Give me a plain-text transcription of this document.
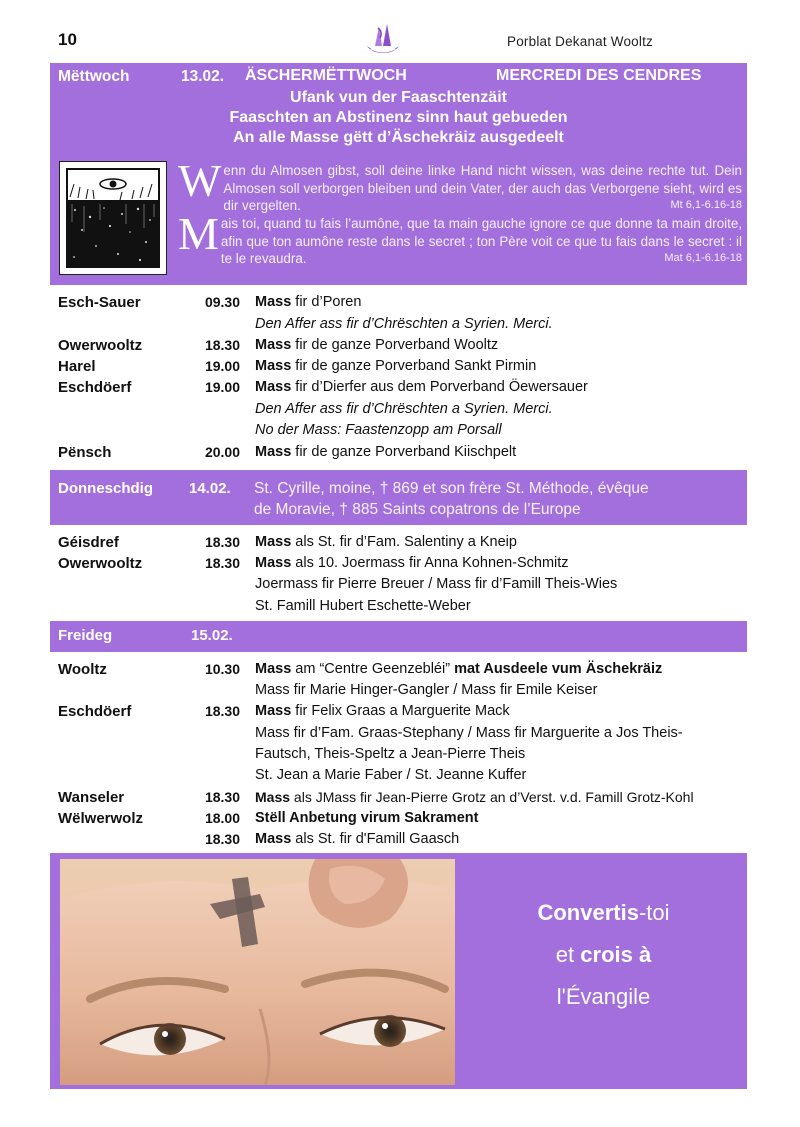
10	Porblat Dekanat Wooltz
Mëttwoch	13.02. ÄSCHERMËTTWOCH	MERCREDI DES CENDRES
Ufank vun der Faaschtenzäit
Faaschten an Abstinenz sinn haut gebueden
An alle Masse gëtt d’Äschekräiz ausgedeelt
Wenn du Almosen gibst, soll deine linke Hand nicht wissen, was deine rechte tut. Dein Almosen soll verborgen bleiben und dein Vater, der auch das Verborgene sieht, wird es dir vergelten.	Mt 6,1-6.16-18
Mais toi, quand tu fais l’aumône, que ta main gauche ignore ce que donne ta main droite, afin que ton aumône reste dans le secret ; ton Père voit ce que tu fais dans le secret : il te le revaudra.	Mat 6,1-6.16-18
Esch-Sauer	09.30 Mass fir d’Poren
Den Affer ass fir d’Chrëschten a Syrien. Merci.
Owerwooltz	18.30 Mass fir de ganze Porverband Wooltz
Harel	19.00 Mass fir de ganze Porverband Sankt Pirmin
Eschdöerf	19.00 Mass fir d’Dierfer aus dem Porverband Öewersauer
Den Affer ass fir d’Chrëschten a Syrien. Merci.
No der Mass: Faastenzopp am Porsall
Pënsch	20.00 Mass fir de ganze Porverband Kiischpelt
Donneschdig 14.02. St. Cyrille, moine, † 869 et son frère St. Méthode, évêque
de Moravie, † 885 Saints copatrons de l’Europe
Géisdref	18.30 Mass als St. fir d’Fam. Salentiny a Kneip
Owerwooltz	18.30 Mass als 10. Joermass fir Anna Kohnen-Schmitz
Joermass fir Pierre Breuer / Mass fir d’Famill Theis-Wies
St. Famill Hubert Eschette-Weber
Freideg	15.02.
Wooltz	10.30 Mass am “Centre Geenzebléi” mat Ausdeele vum Äschekräiz
Mass fir Marie Hinger-Gangler / Mass fir Emile Keiser
Eschdöerf	18.30 Mass fir Felix Graas a Marguerite Mack
Mass fir d’Fam. Graas-Stephany / Mass fir Marguerite a Jos Theis-
Fautsch, Theis-Speltz a Jean-Pierre Theis
St. Jean a Marie Faber / St. Jeanne Kuffer
Wanseler	18.30 Mass als JMass fir Jean-Pierre Grotz an d’Verst. v.d. Famill Grotz-Kohl
Wëlwerwolz	18.00 Stëll Anbetung virum Sakrament
18.30 Mass als St. fir d'Famill Gaasch
Convertis-toi
et crois à
l'Évangile
